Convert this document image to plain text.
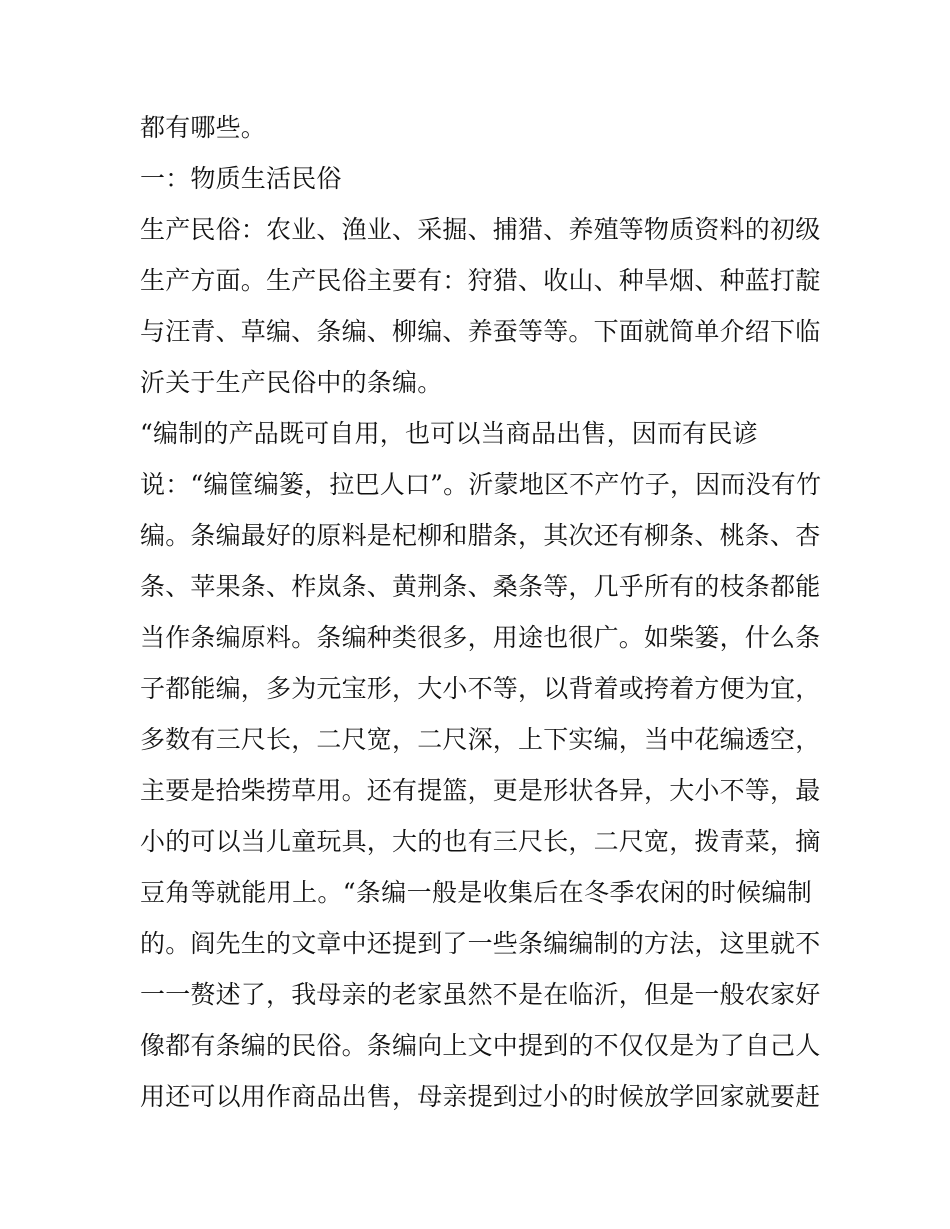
都有哪些。
一：物质生活民俗
生产民俗：农业、渔业、采掘、捕猎、养殖等物质资料的初级
生产方面。生产民俗主要有：狩猎、收山、种旱烟、种蓝打靛
与汪青、草编、条编、柳编、养蚕等等。下面就简单介绍下临
沂关于生产民俗中的条编。
“编制的产品既可自用，也可以当商品出售，因而有民谚
说：“编筐编篓，拉巴人口”。沂蒙地区不产竹子，因而没有竹
编。条编最好的原料是杞柳和腊条，其次还有柳条、桃条、杏
条、苹果条、柞岚条、黄荆条、桑条等，几乎所有的枝条都能
当作条编原料。条编种类很多，用途也很广。如柴篓，什么条
子都能编，多为元宝形，大小不等，以背着或挎着方便为宜，
多数有三尺长，二尺宽，二尺深，上下实编，当中花编透空，
主要是拾柴捞草用。还有提篮，更是形状各异，大小不等，最
小的可以当儿童玩具，大的也有三尺长，二尺宽，拨青菜，摘
豆角等就能用上。“条编一般是收集后在冬季农闲的时候编制
的。阎先生的文章中还提到了一些条编编制的方法，这里就不
一一赘述了，我母亲的老家虽然不是在临沂，但是一般农家好
像都有条编的民俗。条编向上文中提到的不仅仅是为了自己人
用还可以用作商品出售，母亲提到过小的时候放学回家就要赶
